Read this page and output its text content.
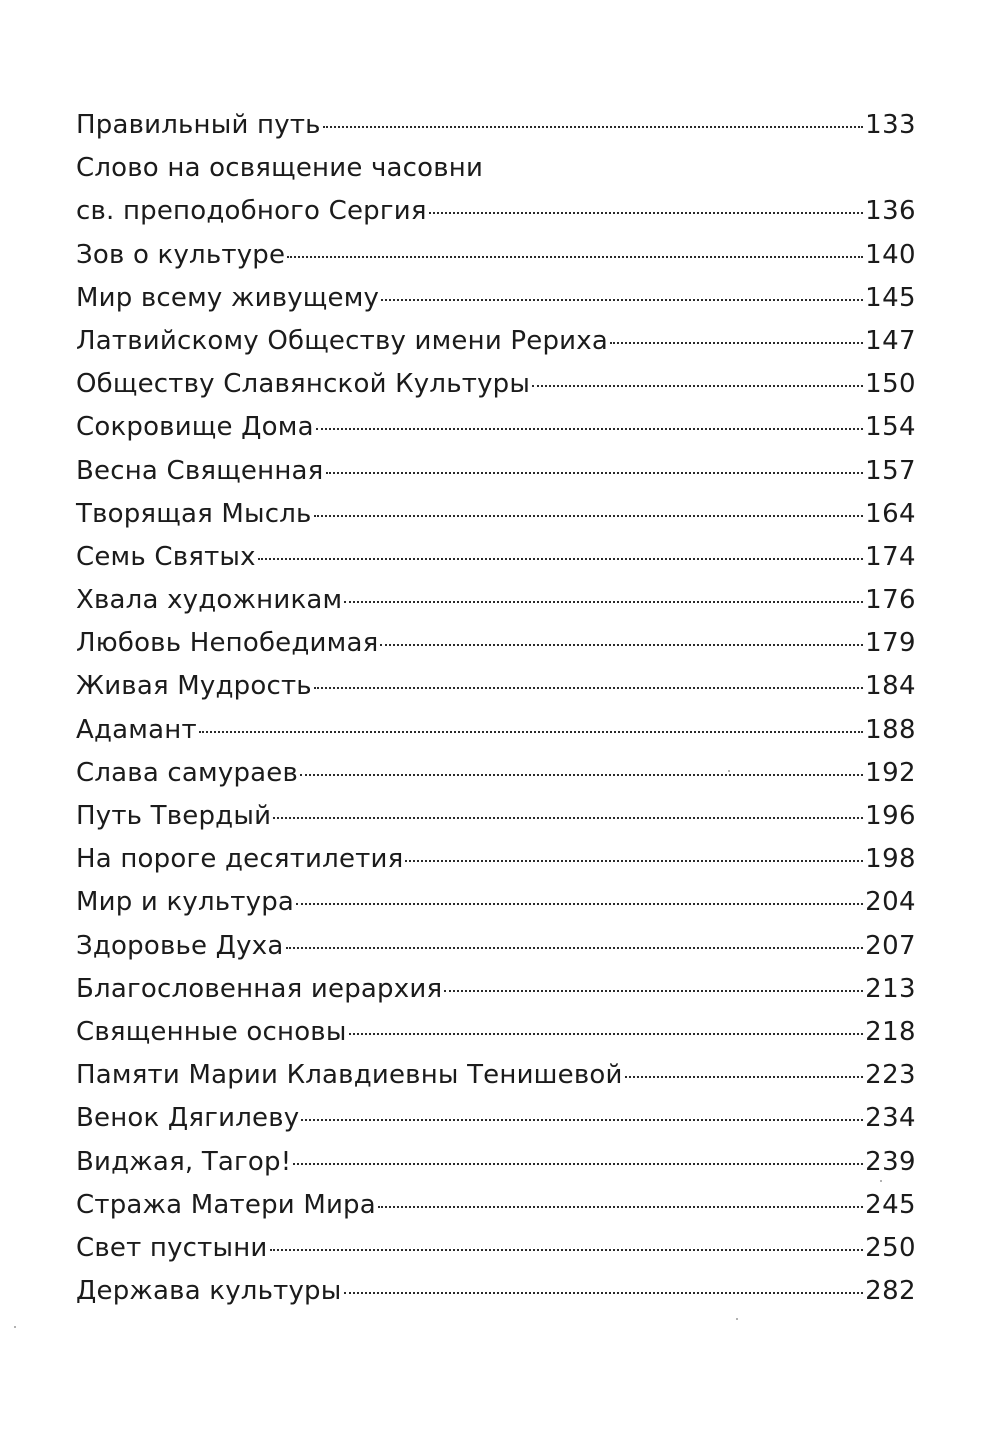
Правильный путь	133
Слово на освящение часовни
св. преподобного Сергия	136
Зов о культуре	140
Мир всему живущему	145
Латвийскому Обществу имени Рериха	147
Обществу Славянской Культуры	150
Сокровище Дома	154
Весна Священная	157
Творящая Мысль	164
Семь Святых	174
Хвала художникам	176
Любовь Непобедимая	179
Живая Мудрость	184
Адамант	188
Слава самураев	192
Путь Твердый	196
На пороге десятилетия	198
Мир и культура	204
Здоровье Духа	207
Благословенная иерархия	213
Священные основы	218
Памяти Марии Клавдиевны Тенишевой	223
Венок Дягилеву	234
Виджая, Тагор!	239
Стража Матери Мира	245
Свет пустыни	250
Держава культуры	282
